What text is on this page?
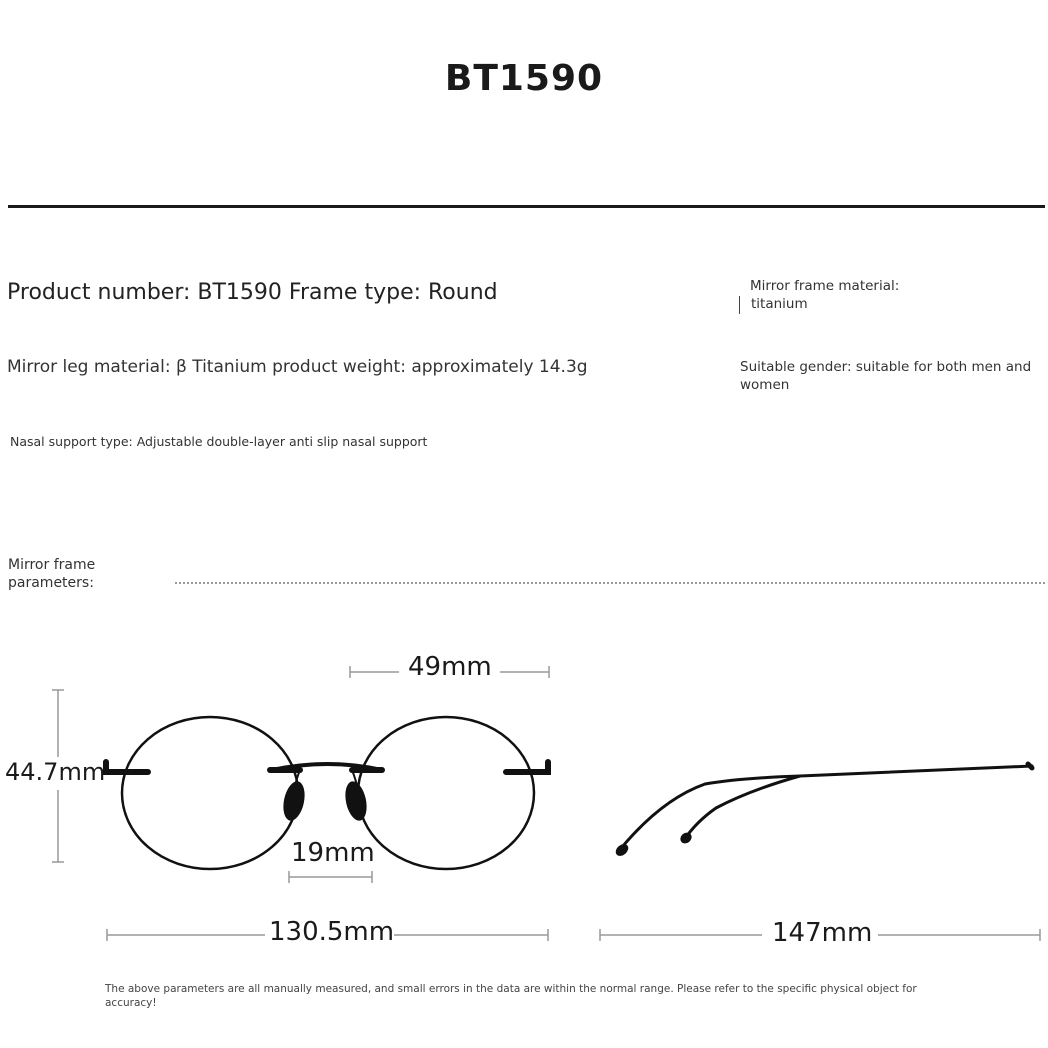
BT1590
Product number: BT1590 Frame type: Round	Mirror frame material:
titanium
Mirror leg material: β Titanium product weight: approximately 14.3g	Suitable gender: suitable for both men and
women
Nasal support type: Adjustable double-layer anti slip nasal support
Mirror frame
parameters:
49mm
44.7mm
19mm
130.5mm	147mm
The above parameters are all manually measured, and small errors in the data are within the normal range. Please refer to the specific physical object for accuracy!
